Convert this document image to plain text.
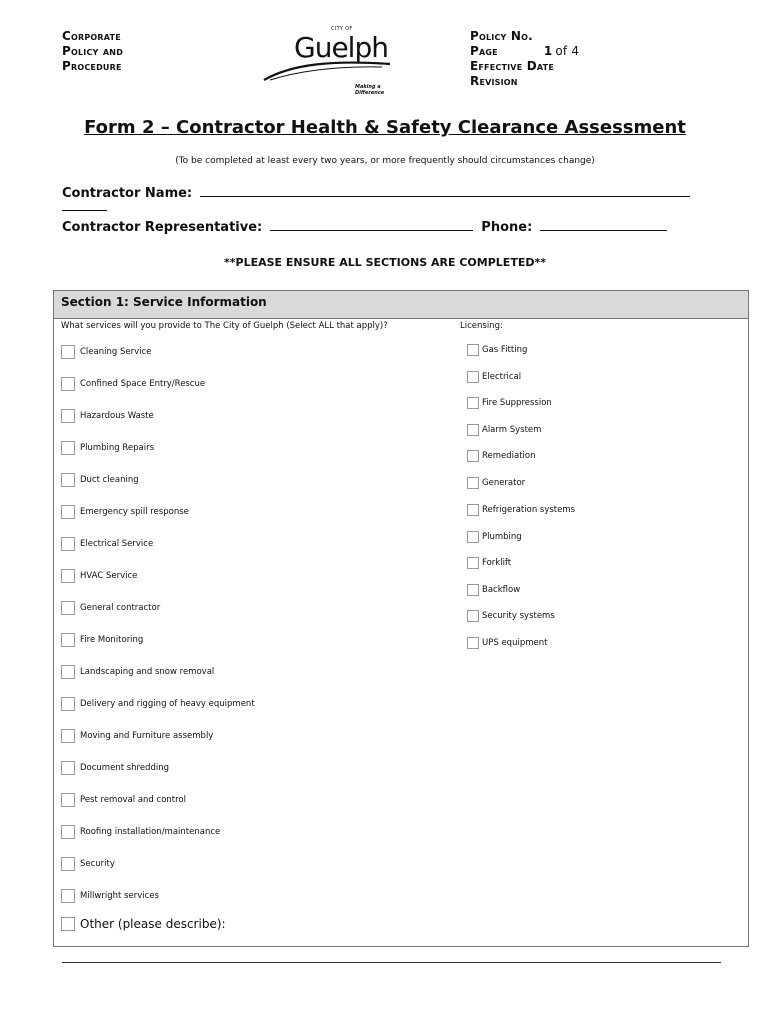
Corporate
Policy and
Procedure
CITY OF
Guelph
Making a Difference
Policy No.
Page	1 of 4
Effective Date
Revision
Form 2 – Contractor Health & Safety Clearance Assessment
(To be completed at least every two years, or more frequently should circumstances change)
Contractor Name:
Contractor Representative:	Phone:
**PLEASE ENSURE ALL SECTIONS ARE COMPLETED**
Section 1: Service Information
What services will you provide to The City of Guelph (Select ALL that apply)?	Licensing:
Cleaning Service
Confined Space Entry/Rescue
Hazardous Waste
Plumbing Repairs
Duct cleaning
Emergency spill response
Electrical Service
HVAC Service
General contractor
Fire Monitoring
Landscaping and snow removal
Delivery and rigging of heavy equipment
Moving and Furniture assembly
Document shredding
Pest removal and control
Roofing installation/maintenance
Security
Millwright services
Other (please describe):
Gas Fitting
Electrical
Fire Suppression
Alarm System
Remediation
Generator
Refrigeration systems
Plumbing
Forklift
Backflow
Security systems
UPS equipment
